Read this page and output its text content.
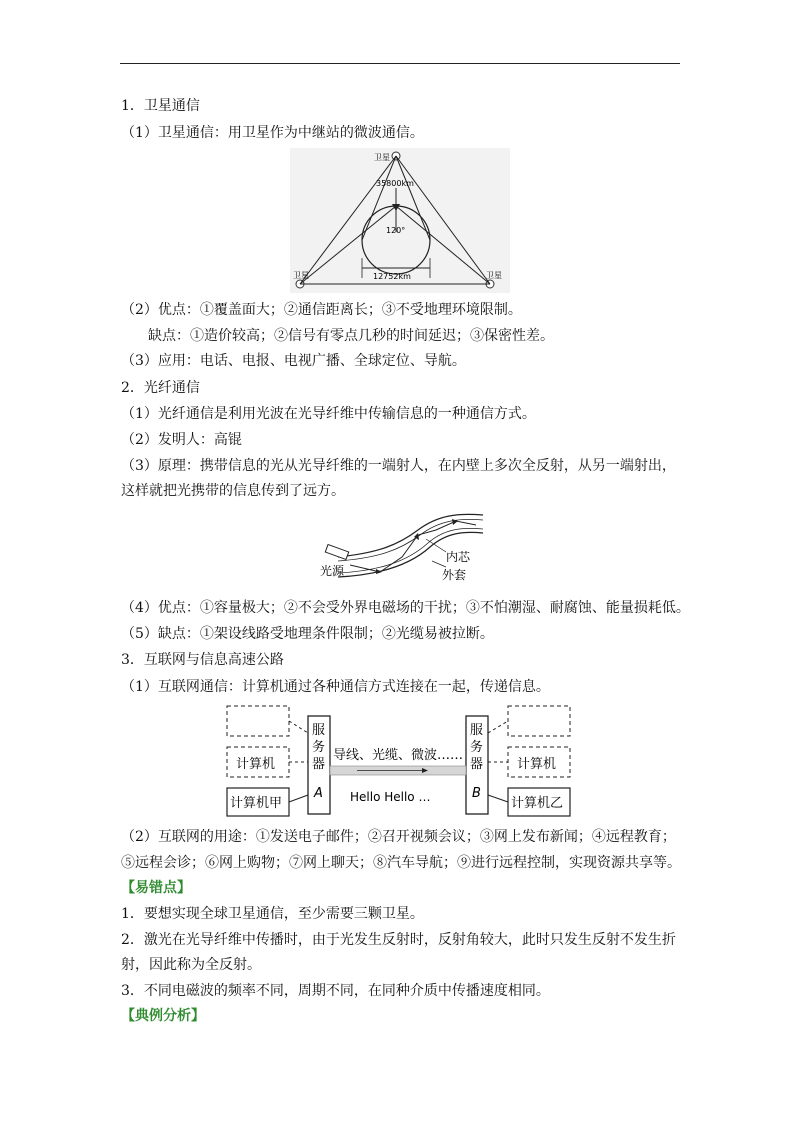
1．卫星通信
（1）卫星通信：用卫星作为中继站的微波通信。
卫星
35800km
120°
12752km
卫星	卫星
（2）优点：①覆盖面大；②通信距离长；③不受地理环境限制。
缺点：①造价较高；②信号有零点几秒的时间延迟；③保密性差。
（3）应用：电话、电报、电视广播、全球定位、导航。
2．光纤通信
（1）光纤通信是利用光波在光导纤维中传输信息的一种通信方式。
（2）发明人：高锟
（3）原理：携带信息的光从光导纤维的一端射人，在内壁上多次全反射，从另一端射出，
这样就把光携带的信息传到了远方。
光源
内芯
外套
（4）优点：①容量极大；②不会受外界电磁场的干扰；③不怕潮湿、耐腐蚀、能量损耗低。
（5）缺点：①架设线路受地理条件限制；②光缆易被拉断。
3．互联网与信息高速公路
（1）互联网通信：计算机通过各种通信方式连接在一起，传递信息。
计算机
计算机甲
服
务
器
A
服
务
器
B
导线、光缆、微波……
Hello Hello …
计算机
计算机乙
（2）互联网的用途：①发送电子邮件；②召开视频会议；③网上发布新闻；④远程教育；
⑤远程会诊；⑥网上购物；⑦网上聊天；⑧汽车导航；⑨进行远程控制，实现资源共享等。
【易错点】
1．要想实现全球卫星通信，至少需要三颗卫星。
2．激光在光导纤维中传播时，由于光发生反射时，反射角较大，此时只发生反射不发生折
射，因此称为全反射。
3．不同电磁波的频率不同，周期不同，在同种介质中传播速度相同。
【典例分析】
